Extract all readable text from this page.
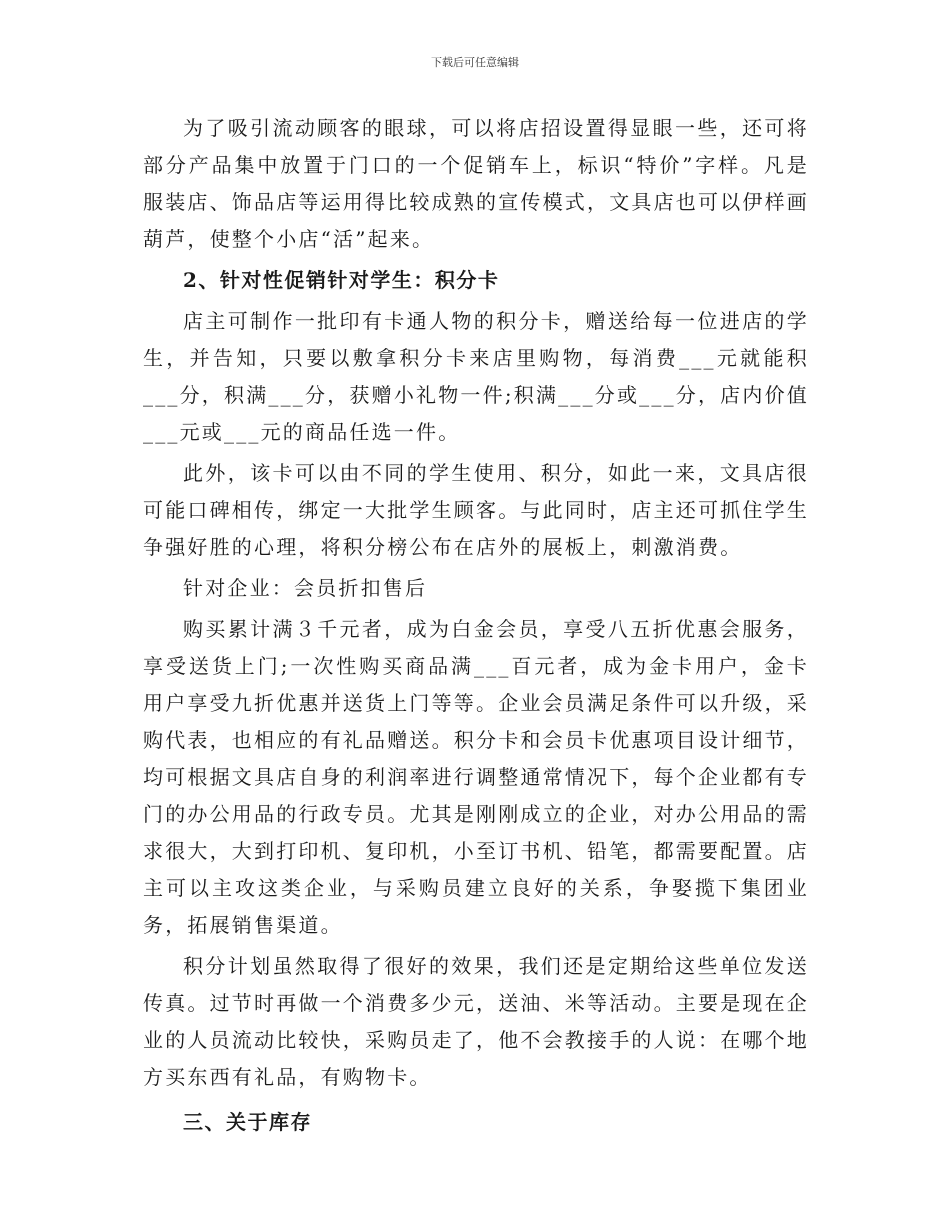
下载后可任意编辑

为了吸引流动顾客的眼球，可以将店招设置得显眼一些，还可将部分产品集中放置于门口的一个促销车上，标识“特价”字样。凡是服装店、饰品店等运用得比较成熟的宣传模式，文具店也可以伊样画葫芦，使整个小店“活”起来。

2、针对性促销针对学生：积分卡

店主可制作一批印有卡通人物的积分卡，赠送给每一位进店的学生，并告知，只要以敷拿积分卡来店里购物，每消费___元就能积___分，积满___分，获赠小礼物一件;积满___分或___分，店内价值___元或___元的商品任选一件。

此外，该卡可以由不同的学生使用、积分，如此一来，文具店很可能口碑相传，绑定一大批学生顾客。与此同时，店主还可抓住学生争强好胜的心理，将积分榜公布在店外的展板上，刺激消费。

针对企业：会员折扣售后

购买累计满３千元者，成为白金会员，享受八五折优惠会服务，享受送货上门;一次性购买商品满___百元者，成为金卡用户，金卡用户享受九折优惠并送货上门等等。企业会员满足条件可以升级，采购代表，也相应的有礼品赠送。积分卡和会员卡优惠项目设计细节，均可根据文具店自身的利润率进行调整通常情况下，每个企业都有专门的办公用品的行政专员。尤其是刚刚成立的企业，对办公用品的需求很大，大到打印机、复印机，小至订书机、铅笔，都需要配置。店主可以主攻这类企业，与采购员建立良好的关系，争娶揽下集团业务，拓展销售渠道。

积分计划虽然取得了很好的效果，我们还是定期给这些单位发送传真。过节时再做一个消费多少元，送油、米等活动。主要是现在企业的人员流动比较快，采购员走了，他不会教接手的人说：在哪个地方买东西有礼品，有购物卡。

三、关于库存
